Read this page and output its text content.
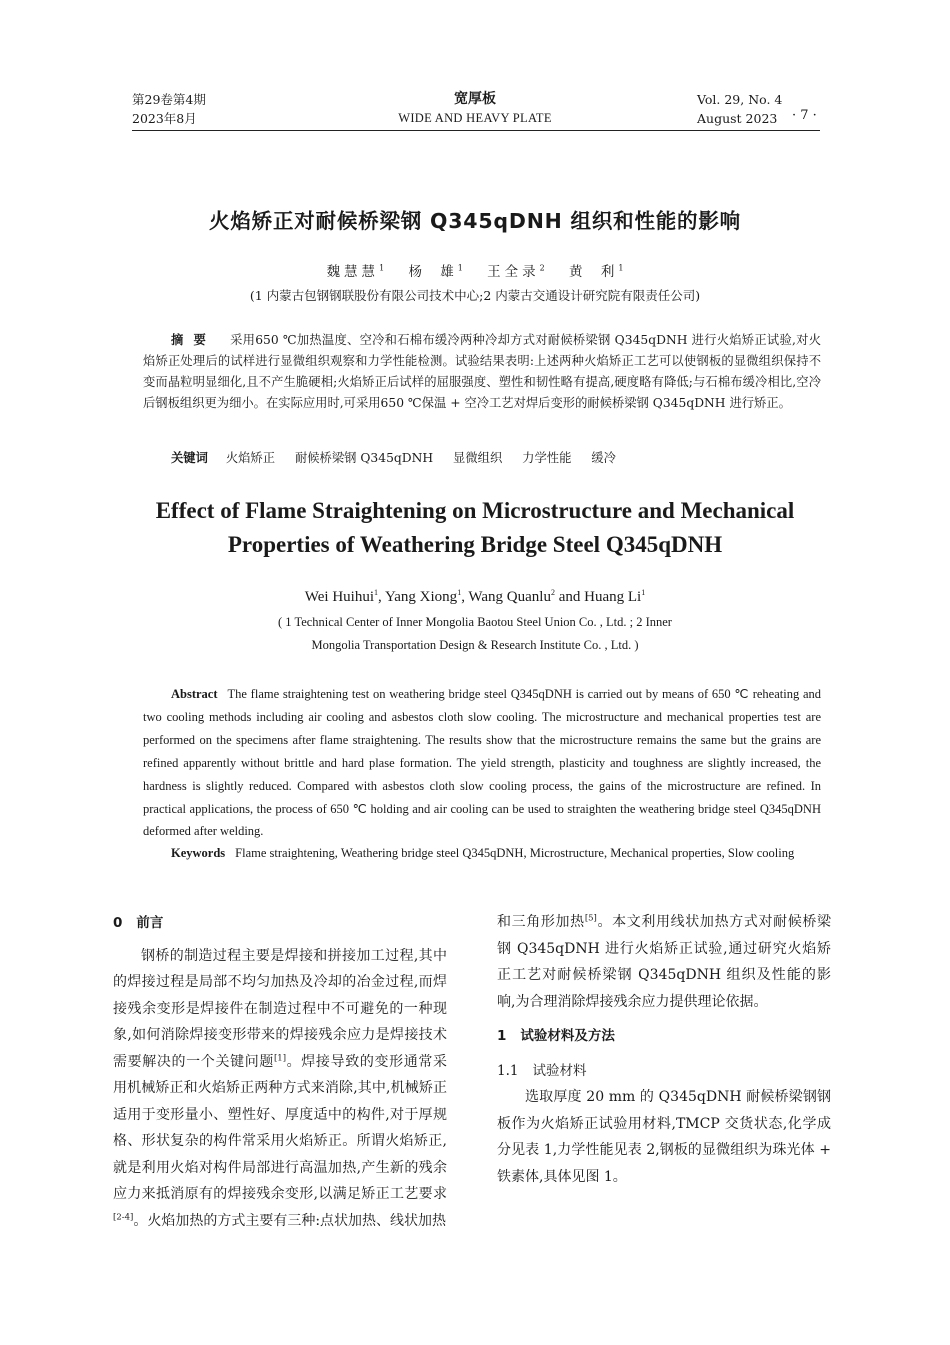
第29卷第4期
2023年8月
宽厚板
WIDE AND HEAVY PLATE
Vol. 29, No. 4
August 2023	· 7 ·
火焰矫正对耐候桥梁钢 Q345qDNH 组织和性能的影响
魏慧慧$^1$ 杨 雄$^1$ 王全录$^2$ 黄 利$^1$
(1 内蒙古包钢钢联股份有限公司技术中心;2 内蒙古交通设计研究院有限责任公司)
摘要 采用650 ℃加热温度、空冷和石棉布缓冷两种冷却方式对耐候桥梁钢 Q345qDNH 进行火焰矫正试验,对火焰矫正处理后的试样进行显微组织观察和力学性能检测。试验结果表明:上述两种火焰矫正工艺可以使钢板的显微组织保持不变而晶粒明显细化,且不产生脆硬相;火焰矫正后试样的屈服强度、塑性和韧性略有提高,硬度略有降低;与石棉布缓冷相比,空冷后钢板组织更为细小。在实际应用时,可采用650 ℃保温 + 空冷工艺对焊后变形的耐候桥梁钢 Q345qDNH 进行矫正。
关键词 火焰矫正 耐候桥梁钢 Q345qDNH 显微组织 力学性能 缓冷
Effect of Flame Straightening on Microstructure and Mechanical
Properties of Weathering Bridge Steel Q345qDNH
Wei Huihui$^1$, Yang Xiong$^1$, Wang Quanlu$^2$ and Huang Li$^1$
( 1 Technical Center of Inner Mongolia Baotou Steel Union Co. , Ltd. ; 2 Inner
Mongolia Transportation Design & Research Institute Co. , Ltd. )
Abstract The flame straightening test on weathering bridge steel Q345qDNH is carried out by means of 650 ℃ reheating and two cooling methods including air cooling and asbestos cloth slow cooling. The microstructure and mechanical properties test are performed on the specimens after flame straightening. The results show that the microstructure remains the same but the grains are refined apparently without brittle and hard plase formation. The yield strength, plasticity and toughness are slightly increased, the hardness is slightly reduced. Compared with asbestos cloth slow cooling process, the gains of the microstructure are refined. In practical applications, the process of 650 ℃ holding and air cooling can be used to straighten the weathering bridge steel Q345qDNH deformed after welding.
Keywords Flame straightening, Weathering bridge steel Q345qDNH, Microstructure, Mechanical properties, Slow cooling

0 前言

钢桥的制造过程主要是焊接和拼接加工过程,其中的焊接过程是局部不均匀加热及冷却的冶金过程,而焊接残余变形是焊接件在制造过程中不可避免的一种现象,如何消除焊接变形带来的焊接残余应力是焊接技术需要解决的一个关键问题[1]。焊接导致的变形通常采用机械矫正和火焰矫正两种方式来消除,其中,机械矫正适用于变形量小、塑性好、厚度适中的构件,对于厚规格、形状复杂的构件常采用火焰矫正。所谓火焰矫正,就是利用火焰对构件局部进行高温加热,产生新的残余应力来抵消原有的焊接残余变形,以满足矫正工艺要求[2-4]。火焰加热的方式主要有三种:点状加热、线状加热

1 试验材料及方法

1.1 试验材料

选取厚度 20 mm 的 Q345qDNH 耐候桥梁钢钢板作为火焰矫正试验用材料,TMCP 交货状态,化学成分见表 1,力学性能见表 2,钢板的显微组织为珠光体 + 铁素体,具体见图 1。

和三角形加热[5]。本文利用线状加热方式对耐候桥梁钢 Q345qDNH 进行火焰矫正试验,通过研究火焰矫正工艺对耐候桥梁钢 Q345qDNH 组织及性能的影响,为合理消除焊接残余应力提供理论依据。
